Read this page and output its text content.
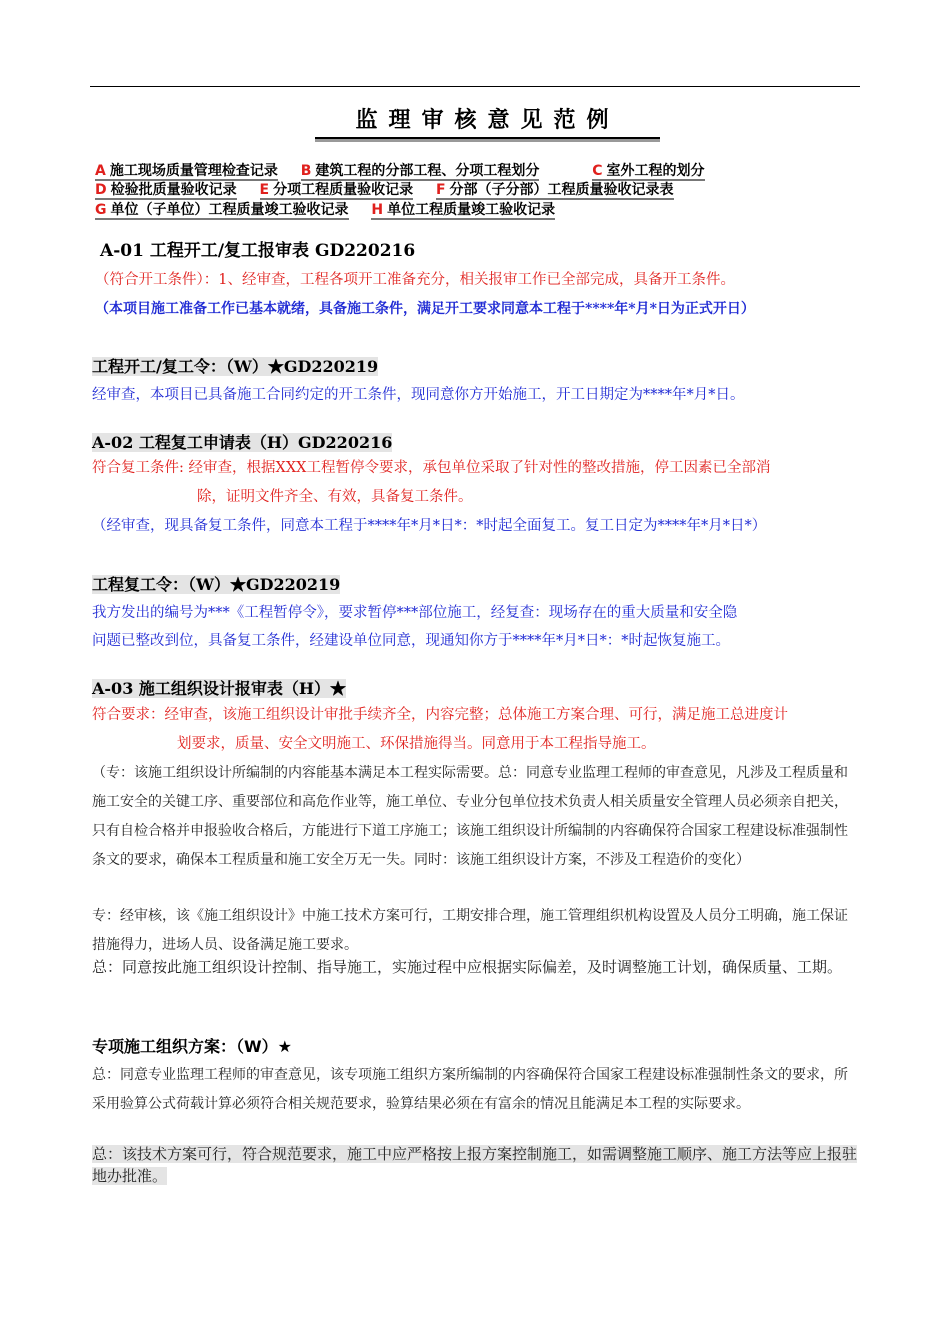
监理审核意见范例
A 施工现场质量管理检查记录 B 建筑工程的分部工程、分项工程划分	C 室外工程的划分
D 检验批质量验收记录 E 分项工程质量验收记录 F 分部（子分部）工程质量验收记录表
G 单位（子单位）工程质量竣工验收记录 H 单位工程质量竣工验收记录
A-01 工程开工/复工报审表 GD220216
（符合开工条件）：1、经审查，工程各项开工准备充分，相关报审工作已全部完成，具备开工条件。
（本项目施工准备工作已基本就绪，具备施工条件，满足开工要求同意本工程于****年*月*日为正式开日）
工程开工/复工令：（W）★GD220219
经审查，本项目已具备施工合同约定的开工条件，现同意你方开始施工，开工日期定为****年*月*日。
A-02 工程复工申请表（H）GD220216
符合复工条件: 经审查，根据XXX工程暂停令要求，承包单位采取了针对性的整改措施，停工因素已全部消
除，证明文件齐全、有效，具备复工条件。
（经审查，现具备复工条件，同意本工程于****年*月*日*：*时起全面复工。复工日定为****年*月*日*）
工程复工令：（W）★GD220219
我方发出的编号为***《工程暂停令》，要求暂停***部位施工，经复查：现场存在的重大质量和安全隐
问题已整改到位，具备复工条件，经建设单位同意，现通知你方于****年*月*日*：*时起恢复施工。
A-03 施工组织设计报审表（H）★
符合要求：经审查，该施工组织设计审批手续齐全，内容完整；总体施工方案合理、可行，满足施工总进度计
划要求，质量、安全文明施工、环保措施得当。同意用于本工程指导施工。
（专：该施工组织设计所编制的内容能基本满足本工程实际需要。总：同意专业监理工程师的审查意见，凡涉及工程质量和施工安全的关键工序、重要部位和高危作业等，施工单位、专业分包单位技术负责人相关质量安全管理人员必须亲自把关，只有自检合格并申报验收合格后，方能进行下道工序施工；该施工组织设计所编制的内容确保符合国家工程建设标准强制性条文的要求，确保本工程质量和施工安全万无一失。同时：该施工组织设计方案，不涉及工程造价的变化）
专：经审核，该《施工组织设计》中施工技术方案可行，工期安排合理，施工管理组织机构设置及人员分工明确，施工保证措施得力，进场人员、设备满足施工要求。
总：同意按此施工组织设计控制、指导施工，实施过程中应根据实际偏差，及时调整施工计划，确保质量、工期。
专项施工组织方案：（W）★
总：同意专业监理工程师的审查意见，该专项施工组织方案所编制的内容确保符合国家工程建设标准强制性条文的要求，所采用验算公式荷载计算必须符合相关规范要求，验算结果必须在有富余的情况且能满足本工程的实际要求。
总：该技术方案可行，符合规范要求，施工中应严格按上报方案控制施工，如需调整施工顺序、施工方法等应上报驻地办批准。
